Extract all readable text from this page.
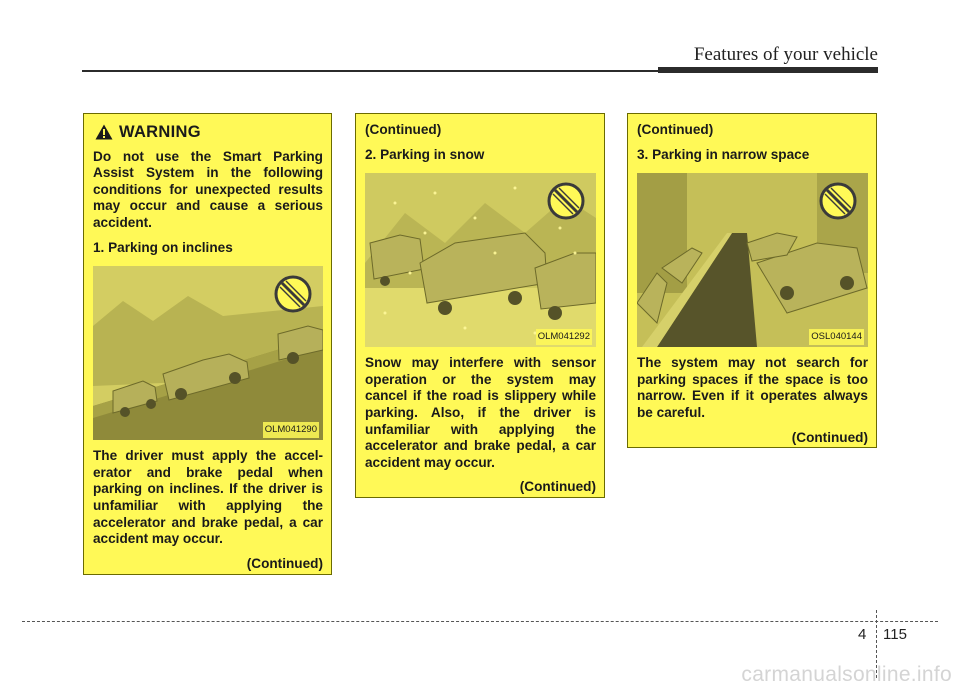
Features of your vehicle
WARNING

Do not use the Smart Parking Assist System in the following conditions for unexpected results may occur and cause a serious accident.

1. Parking on inclines

OLM041290

The driver must apply the accel-erator and brake pedal when parking on inclines. If the driver is unfamiliar with applying the accelerator and brake pedal, a car accident may occur.

(Continued)

(Continued)

2. Parking in snow

OLM041292

Snow may interfere with sensor operation or the system may cancel if the road is slippery while parking. Also, if the driver is unfamiliar with applying the accelerator and brake pedal, a car accident may occur.

(Continued)

(Continued)

3. Parking in narrow space

OSL040144

The system may not search for parking spaces if the space is too narrow. Even if it operates always be careful.

(Continued)

4 115
carmanualsonline.info
